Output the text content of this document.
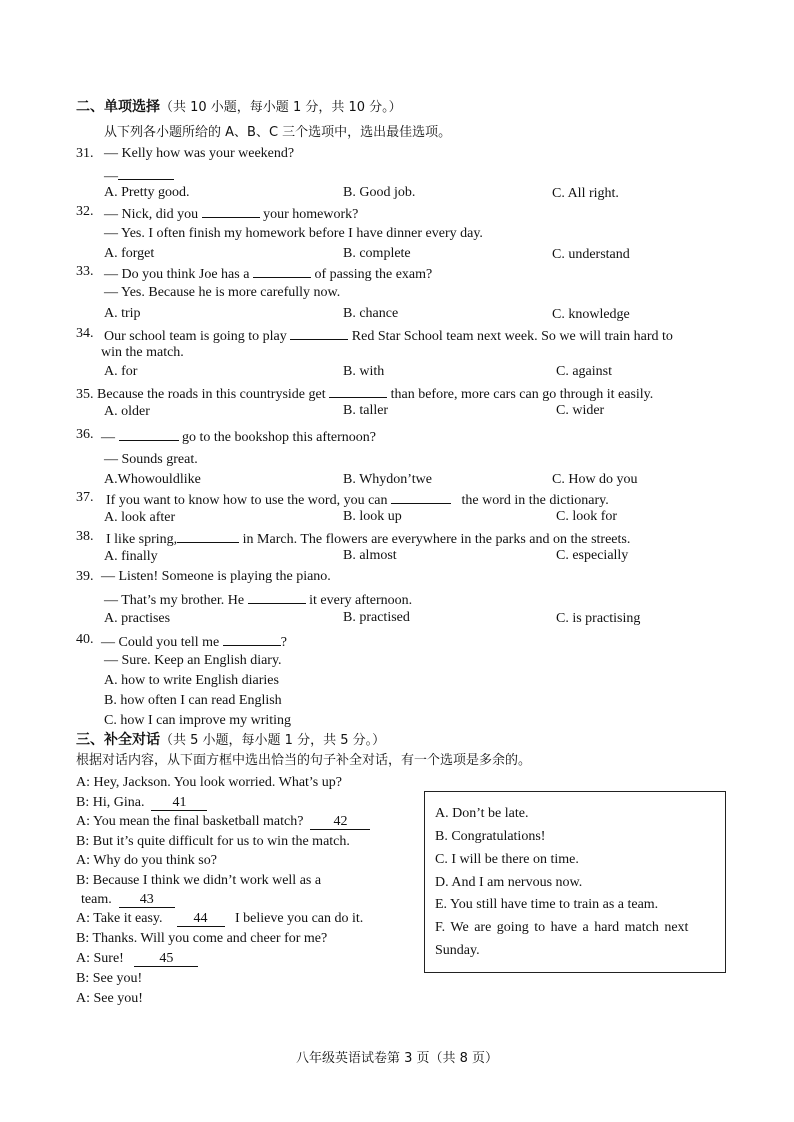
二、单项选择（共 10 小题，每小题 1 分，共 10 分。）
从下列各小题所给的 A、B、C 三个选项中，选出最佳选项。
31. — Kelly how was your weekend?
—
A. Pretty good.	B. Good job.	C. All right.
32. — Nick, did you	your homework?
— Yes. I often finish my homework before I have dinner every day.
A. forget	B. complete	C. understand
33. — Do you think Joe has a	of passing the exam?
— Yes. Because he is more carefully now.
A. trip	B. chance	C. knowledge
34. Our school team is going to play	Red Star School team next week. So we will train hard to
win the match.
A. for	B. with	C. against
35. Because the roads in this countryside get	than before, more cars can go through it easily.
A. older	B. taller	C. wider
36. —	go to the bookshop this afternoon?
— Sounds great.
A.Whowouldlike	B. Whydon’twe	C. How do you
37. If you want to know how to use the word, you can	the word in the dictionary.
A. look after	B. look up	C. look for
38. I like spring,	in March. The flowers are everywhere in the parks and on the streets.
A. finally	B. almost	C. especially
39. — Listen! Someone is playing the piano.
— That’s my brother. He	it every afternoon.
A. practises	B. practised	C. is practising
40. — Could you tell me	?
— Sure. Keep an English diary.
A. how to write English diaries
B. how often I can read English
C. how I can improve my writing
三、补全对话（共 5 小题，每小题 1 分，共 5 分。）
根据对话内容，从下面方框中选出恰当的句子补全对话，有一个选项是多余的。
A: Hey, Jackson. You look worried. What’s up?
B: Hi, Gina. 41
A: You mean the final basketball match? 42
B: But it’s quite difficult for us to win the match.
A: Why do you think so?
B: Because I think we didn’t work well as a
team. 43
A: Take it easy. 44 I believe you can do it.
B: Thanks. Will you come and cheer for me?
A: Sure!	45
B: See you!
A: See you!
A. Don’t be late.
B. Congratulations!
C. I will be there on time.
D. And I am nervous now.
E. You still have time to train as a team.
F. We are going to have a hard match next
Sunday.
八年级英语试卷第 3 页（共 8 页）
